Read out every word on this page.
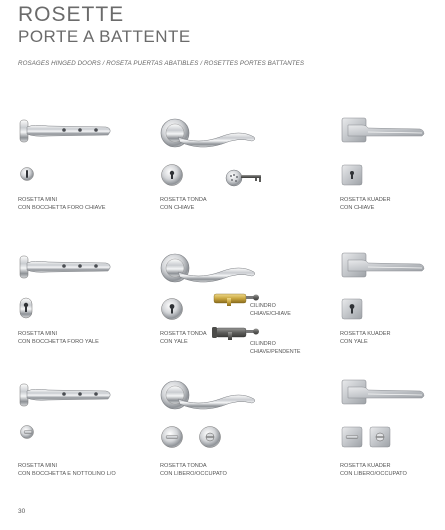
ROSETTE
PORTE A BATTENTE
ROSAGES HINGED DOORS / ROSETA PUERTAS ABATIBLES / ROSETTES PORTES BATTANTES
ROSETTA MINI
CON BOCCHETTA FORO CHIAVE
ROSETTA TONDA
CON CHIAVE
ROSETTA KUADER
CON CHIAVE
CILINDRO
CHIAVE/CHIAVE
CILINDRO
CHIAVE/PENDENTE
ROSETTA MINI
CON BOCCHETTA FORO YALE
ROSETTA TONDA
CON YALE
ROSETTA KUADER
CON YALE
ROSETTA MINI
CON BOCCHETTA E NOTTOLINO L/O
ROSETTA TONDA
CON LIBERO/OCCUPATO
ROSETTA KUADER
CON LIBERO/OCCUPATO
30
